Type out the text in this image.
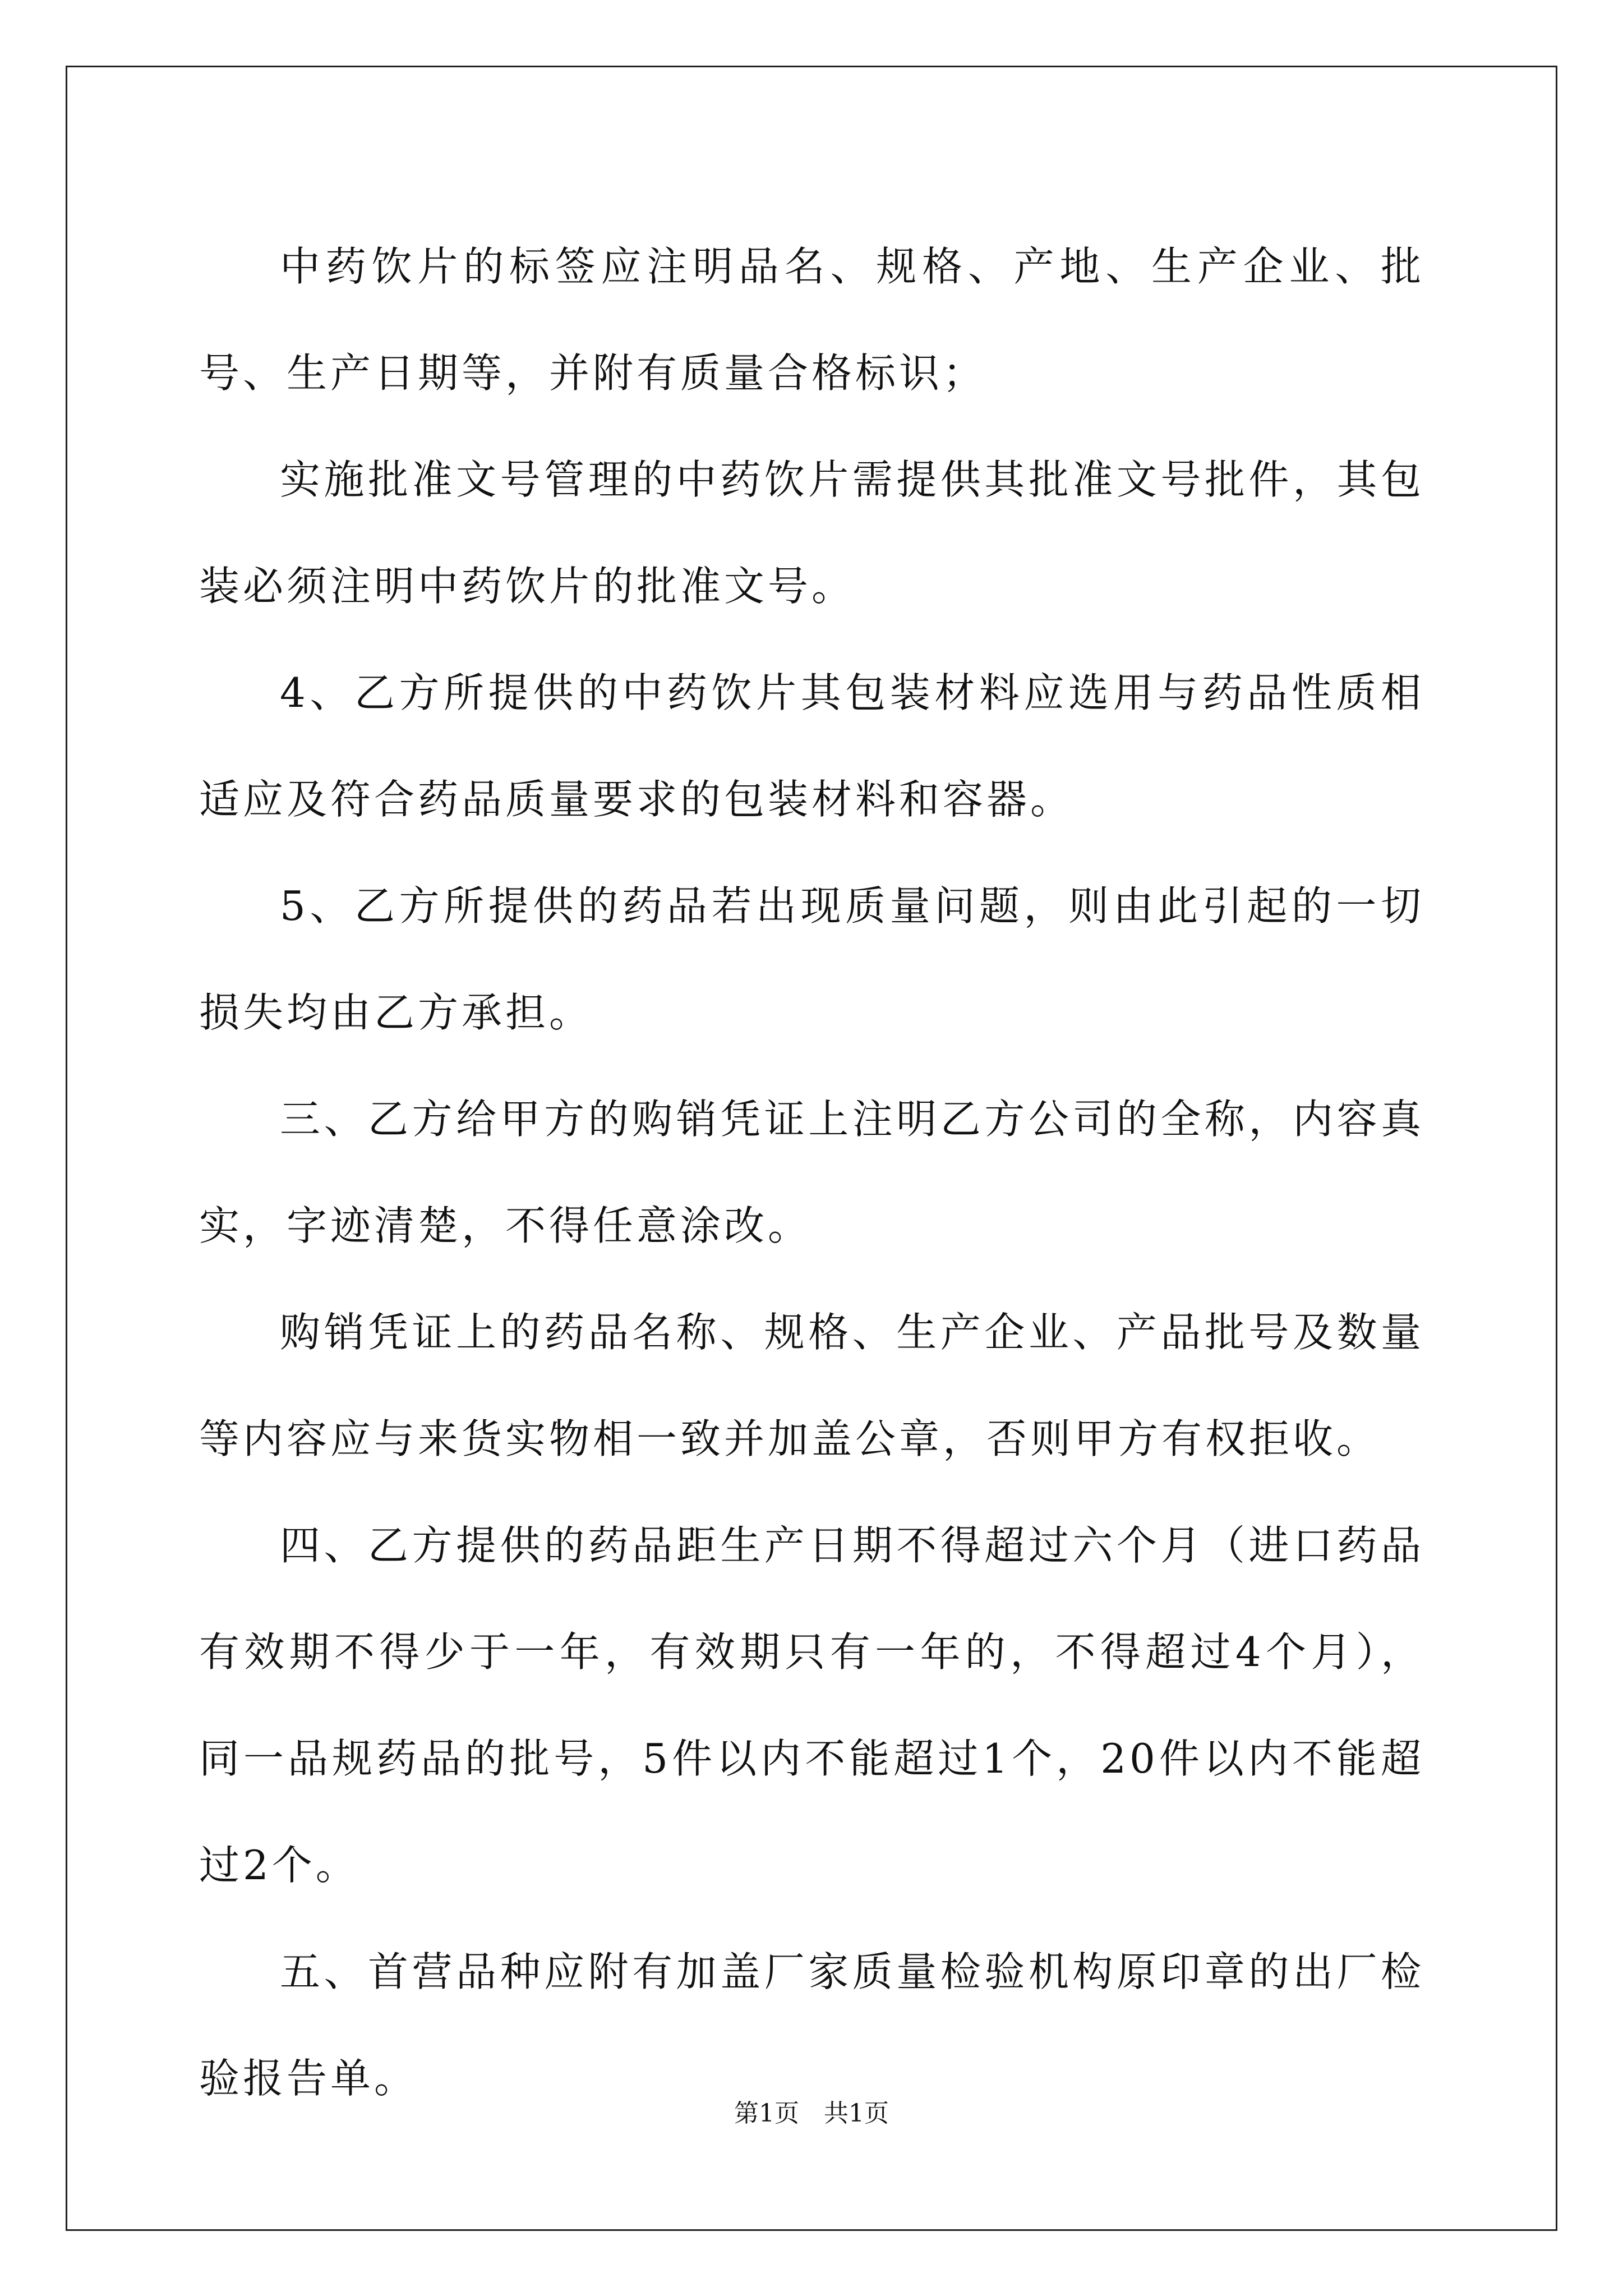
中药饮片的标签应注明品名、规格、产地、生产企业、批号、生产日期等，并附有质量合格标识；

实施批准文号管理的中药饮片需提供其批准文号批件，其包装必须注明中药饮片的批准文号。

4、乙方所提供的中药饮片其包装材料应选用与药品性质相适应及符合药品质量要求的包装材料和容器。

5、乙方所提供的药品若出现质量问题，则由此引起的一切损失均由乙方承担。

三、乙方给甲方的购销凭证上注明乙方公司的全称，内容真实，字迹清楚，不得任意涂改。

购销凭证上的药品名称、规格、生产企业、产品批号及数量等内容应与来货实物相一致并加盖公章，否则甲方有权拒收。

四、乙方提供的药品距生产日期不得超过六个月（进口药品有效期不得少于一年，有效期只有一年的，不得超过4个月），同一品规药品的批号，5件以内不能超过1个，20件以内不能超过2个。

五、首营品种应附有加盖厂家质量检验机构原印章的出厂检验报告单。

第1页　共1页
